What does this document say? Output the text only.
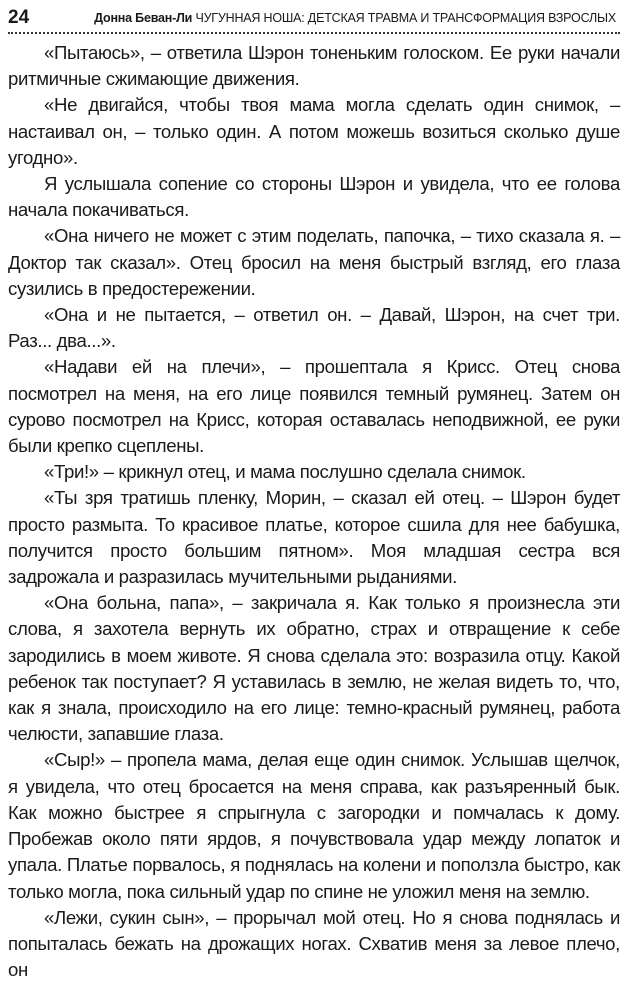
24	Донна Беван-Ли ЧУГУННАЯ НОША: ДЕТСКАЯ ТРАВМА И ТРАНСФОРМАЦИЯ ВЗРОСЛЫХ

«Пытаюсь», – ответила Шэрон тоненьким голоском. Ее руки начали ритмичные сжимающие движения.

«Не двигайся, чтобы твоя мама могла сделать один снимок, – настаивал он, – только один. А потом можешь возиться сколько душе угодно».

Я услышала сопение со стороны Шэрон и увидела, что ее голова начала покачиваться.

«Она ничего не может с этим поделать, папочка, – тихо сказала я. – Доктор так сказал». Отец бросил на меня быстрый взгляд, его глаза сузились в предостережении.

«Она и не пытается, – ответил он. – Давай, Шэрон, на счет три. Раз... два...».

«Надави ей на плечи», – прошептала я Крисс. Отец снова посмотрел на меня, на его лице появился темный румянец. Затем он сурово посмотрел на Крисс, которая оставалась неподвижной, ее руки были крепко сцеплены.

«Три!» – крикнул отец, и мама послушно сделала снимок.

«Ты зря тратишь пленку, Морин, – сказал ей отец. – Шэрон будет просто размыта. То красивое платье, которое сшила для нее бабушка, получится просто большим пятном». Моя младшая сестра вся задрожала и разразилась мучительными рыданиями.

«Она больна, папа», – закричала я. Как только я произнесла эти слова, я захотела вернуть их обратно, страх и отвращение к себе зародились в моем животе. Я снова сделала это: возразила отцу. Какой ребенок так поступает? Я уставилась в землю, не желая видеть то, что, как я знала, происходило на его лице: темно-красный румянец, работа челюсти, запавшие глаза.

«Сыр!» – пропела мама, делая еще один снимок. Услышав щелчок, я увидела, что отец бросается на меня справа, как разъяренный бык. Как можно быстрее я спрыгнула с загородки и помчалась к дому. Пробежав около пяти ярдов, я почувствовала удар между лопаток и упала. Платье порвалось, я поднялась на колени и поползла быстро, как только могла, пока сильный удар по спине не уложил меня на землю.

«Лежи, сукин сын», – прорычал мой отец. Но я снова поднялась и попыталась бежать на дрожащих ногах. Схватив меня за левое плечо, он
